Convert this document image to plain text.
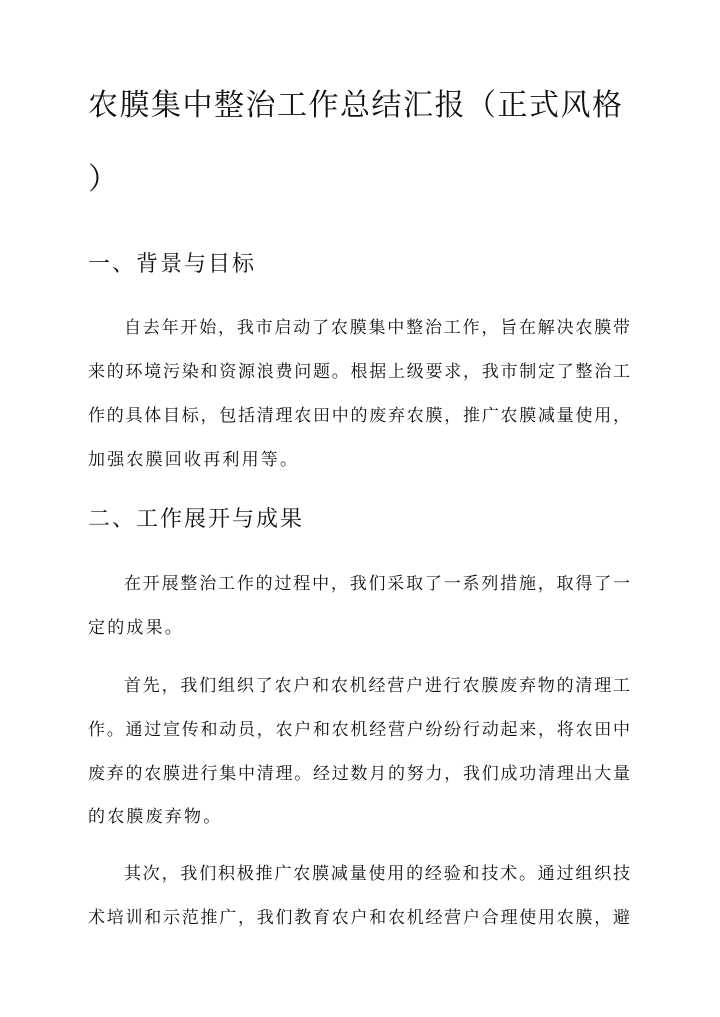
农膜集中整治工作总结汇报（正式风格
）
一、背景与目标
自去年开始，我市启动了农膜集中整治工作，旨在解决农膜带
来的环境污染和资源浪费问题。根据上级要求，我市制定了整治工
作的具体目标，包括清理农田中的废弃农膜，推广农膜减量使用，
加强农膜回收再利用等。
二、工作展开与成果
在开展整治工作的过程中，我们采取了一系列措施，取得了一
定的成果。
首先，我们组织了农户和农机经营户进行农膜废弃物的清理工
作。通过宣传和动员，农户和农机经营户纷纷行动起来，将农田中
废弃的农膜进行集中清理。经过数月的努力，我们成功清理出大量
的农膜废弃物。
其次，我们积极推广农膜减量使用的经验和技术。通过组织技
术培训和示范推广，我们教育农户和农机经营户合理使用农膜，避
